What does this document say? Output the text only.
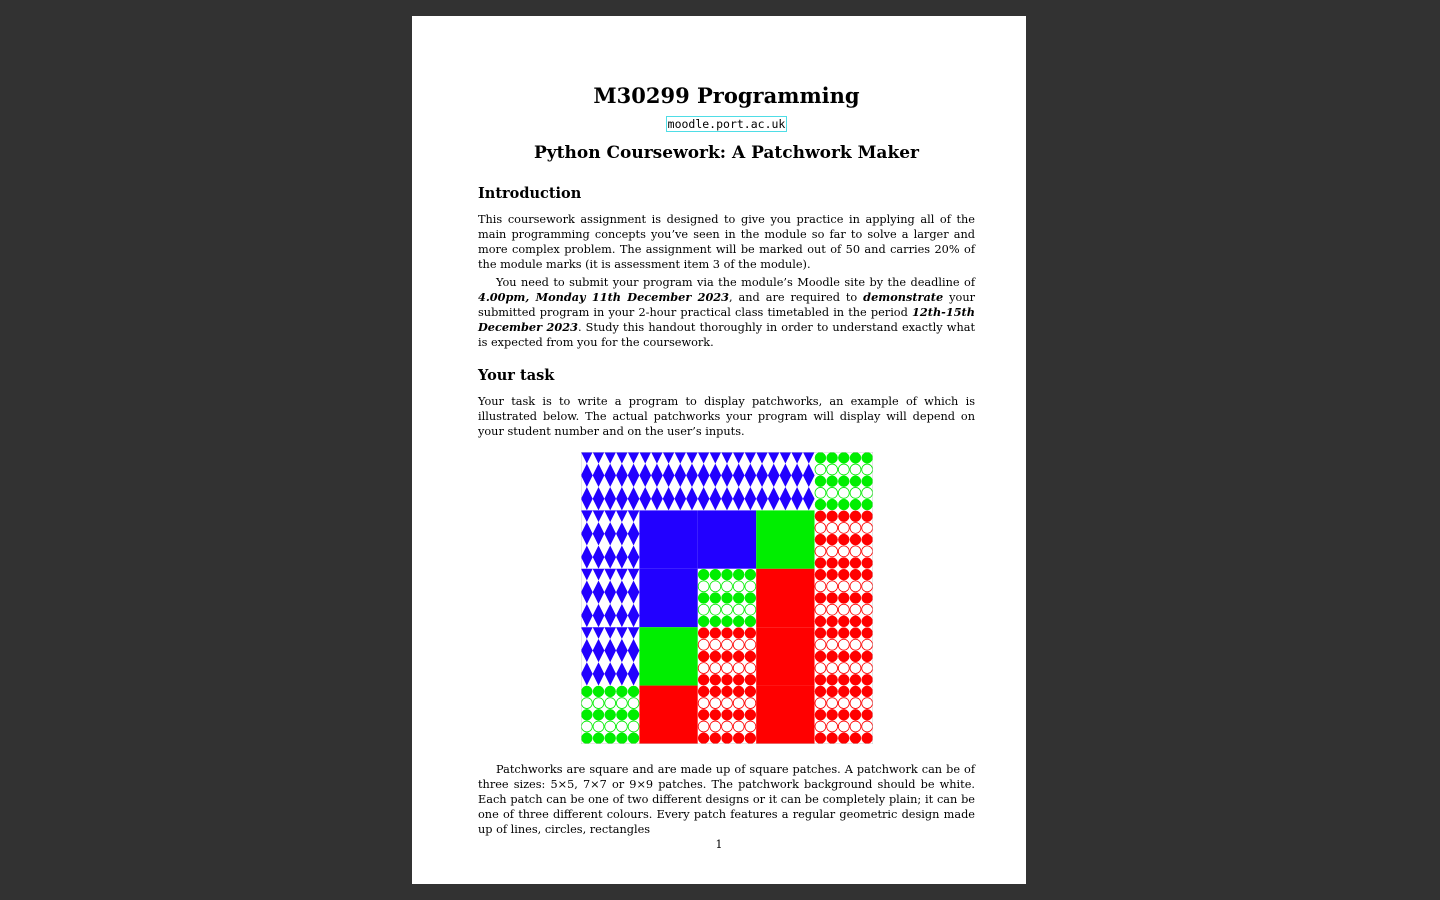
M30299 Programming
moodle.port.ac.uk
Python Coursework: A Patchwork Maker
Introduction
This coursework assignment is designed to give you practice in applying all of the main programming concepts you’ve seen in the module so far to solve a larger and more complex problem. The assignment will be marked out of 50 and carries 20% of the module marks (it is assessment item 3 of the module).
You need to submit your program via the module’s Moodle site by the deadline of 4.00pm, Monday 11th December 2023, and are required to demonstrate your submitted program in your 2-hour practical class timetabled in the period 12th-15th December 2023. Study this handout thoroughly in order to understand exactly what is expected from you for the coursework.
Your task
Your task is to write a program to display patchworks, an example of which is illustrated below. The actual patchworks your program will display will depend on your student number and on the user’s inputs.
Patchworks are square and are made up of square patches. A patchwork can be of three sizes: 5×5, 7×7 or 9×9 patches. The patchwork background should be white. Each patch can be one of two different designs or it can be completely plain; it can be one of three different colours. Every patch features a regular geometric design made up of lines, circles, rectangles
1
